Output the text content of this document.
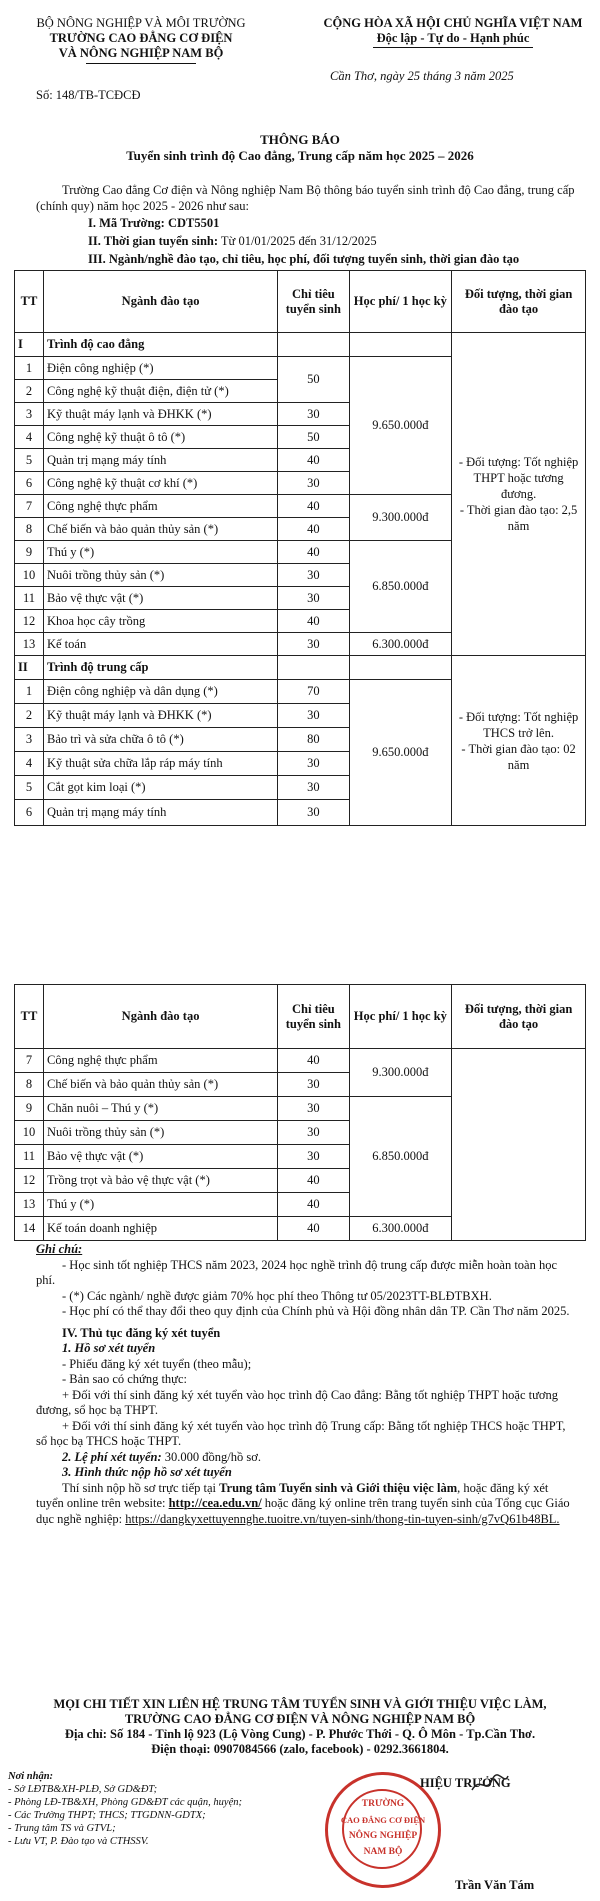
BỘ NÔNG NGHIỆP VÀ MÔI TRƯỜNG
TRƯỜNG CAO ĐẲNG CƠ ĐIỆN
VÀ NÔNG NGHIỆP NAM BỘ
Số: 148/TB-TCĐCĐ
CỘNG HÒA XÃ HỘI CHỦ NGHĨA VIỆT NAM
Độc lập - Tự do - Hạnh phúc
Cần Thơ, ngày 25 tháng 3 năm 2025
THÔNG BÁO
Tuyển sinh trình độ Cao đẳng, Trung cấp năm học 2025 – 2026
Trường Cao đẳng Cơ điện và Nông nghiệp Nam Bộ thông báo tuyển sinh trình độ Cao đẳng, trung cấp (chính quy) năm học 2025 - 2026 như sau:
I. Mã Trường: CDT5501
II. Thời gian tuyển sinh: Từ 01/01/2025 đến 31/12/2025
III. Ngành/nghề đào tạo, chỉ tiêu, học phí, đối tượng tuyển sinh, thời gian đào tạo
TT	Ngành đào tạo	Chỉ tiêu tuyển sinh	Học phí/ 1 học kỳ	Đối tượng, thời gian đào tạo
I	Trình độ cao đẳng			- Đối tượng: Tốt nghiệp THPT hoặc tương đương.
- Thời gian đào tạo: 2,5 năm

1	Điện công nghiệp (*)	50	9.650.000đ	
2	Công nghệ kỹ thuật điện, điện tử (*)			
3	Kỹ thuật máy lạnh và ĐHKK (*)	30		
4	Công nghệ kỹ thuật ô tô (*)	50		
5	Quản trị mạng máy tính	40		
6	Công nghệ kỹ thuật cơ khí (*)	30		
7	Công nghệ thực phẩm	40	9.300.000đ	
8	Chế biến và bảo quản thủy sản (*)	40		
9	Thú y (*)	40	6.850.000đ	
10	Nuôi trồng thủy sản (*)	30		
11	Bảo vệ thực vật (*)	30		
12	Khoa học cây trồng	40		
13	Kế toán	30	6.300.000đ	
II	Trình độ trung cấp			- Đối tượng: Tốt nghiệp THCS trở lên.
- Thời gian đào tạo: 02 năm

1	Điện công nghiệp và dân dụng (*)	70	9.650.000đ	
2	Kỹ thuật máy lạnh và ĐHKK (*)	30		
3	Bảo trì và sửa chữa ô tô (*)	80		
4	Kỹ thuật sửa chữa lắp ráp máy tính	30		
5	Cắt gọt kim loại (*)	30		
6	Quản trị mạng máy tính	30		
TT	Ngành đào tạo	Chỉ tiêu tuyển sinh	Học phí/ 1 học kỳ	Đối tượng, thời gian đào tạo
7	Công nghệ thực phẩm	40	9.300.000đ	
8	Chế biến và bảo quản thủy sản (*)	30		
9	Chăn nuôi – Thú y (*)	30	6.850.000đ	
10	Nuôi trồng thủy sản (*)	30		
11	Bảo vệ thực vật (*)	30		
12	Trồng trọt và bảo vệ thực vật (*)	40		
13	Thú y (*)	40		
14	Kế toán doanh nghiệp	40	6.300.000đ	

Ghi chú:

- Học sinh tốt nghiệp THCS năm 2023, 2024 học nghề trình độ trung cấp được miễn hoàn toàn học phí.

- (*) Các ngành/ nghề được giảm 70% học phí theo Thông tư 05/2023TT-BLĐTBXH.

- Học phí có thể thay đổi theo quy định của Chính phủ và Hội đồng nhân dân TP. Cần Thơ năm 2025.

IV. Thủ tục đăng ký xét tuyển

1. Hồ sơ xét tuyển

- Phiếu đăng ký xét tuyển (theo mẫu);

- Bản sao có chứng thực:

+ Đối với thí sinh đăng ký xét tuyển vào học trình độ Cao đẳng: Bằng tốt nghiệp THPT hoặc tương đương, sổ học bạ THPT.

+ Đối với thí sinh đăng ký xét tuyển vào học trình độ Trung cấp: Bằng tốt nghiệp THCS hoặc THPT, sổ học bạ THCS hoặc THPT.

2. Lệ phí xét tuyển: 30.000 đồng/hồ sơ.

3. Hình thức nộp hồ sơ xét tuyển

Thí sinh nộp hồ sơ trực tiếp tại Trung tâm Tuyển sinh và Giới thiệu việc làm, hoặc đăng ký xét tuyển online trên website: http://cea.edu.vn/ hoặc đăng ký online trên trang tuyển sinh của Tổng cục Giáo dục nghề nghiệp: https://dangkyxettuyennghe.tuoitre.vn/tuyen-sinh/thong-tin-tuyen-sinh/g7vQ61b48BL.

MỌI CHI TIẾT XIN LIÊN HỆ TRUNG TÂM TUYỂN SINH VÀ GIỚI THIỆU VIỆC LÀM,
TRƯỜNG CAO ĐẲNG CƠ ĐIỆN VÀ NÔNG NGHIỆP NAM BỘ
Địa chỉ: Số 184 - Tỉnh lộ 923 (Lộ Vòng Cung) - P. Phước Thới - Q. Ô Môn - Tp.Cần Thơ.
Điện thoại: 0907084566 (zalo, facebook) - 0292.3661804.
Nơi nhận:
- Sở LĐTB&XH-PLĐ, Sở GD&ĐT;
- Phòng LĐ-TB&XH, Phòng GD&ĐT các quận, huyện;
- Các Trường THPT; THCS; TTGDNN-GDTX;
- Trung tâm TS và GTVL;
- Lưu VT, P. Đào tạo và CTHSSV.
TRƯỜNG
CAO ĐẲNG CƠ ĐIỆN
NÔNG NGHIỆP
NAM BỘ
HIỆU TRƯỞNG
Trần Văn Tám
